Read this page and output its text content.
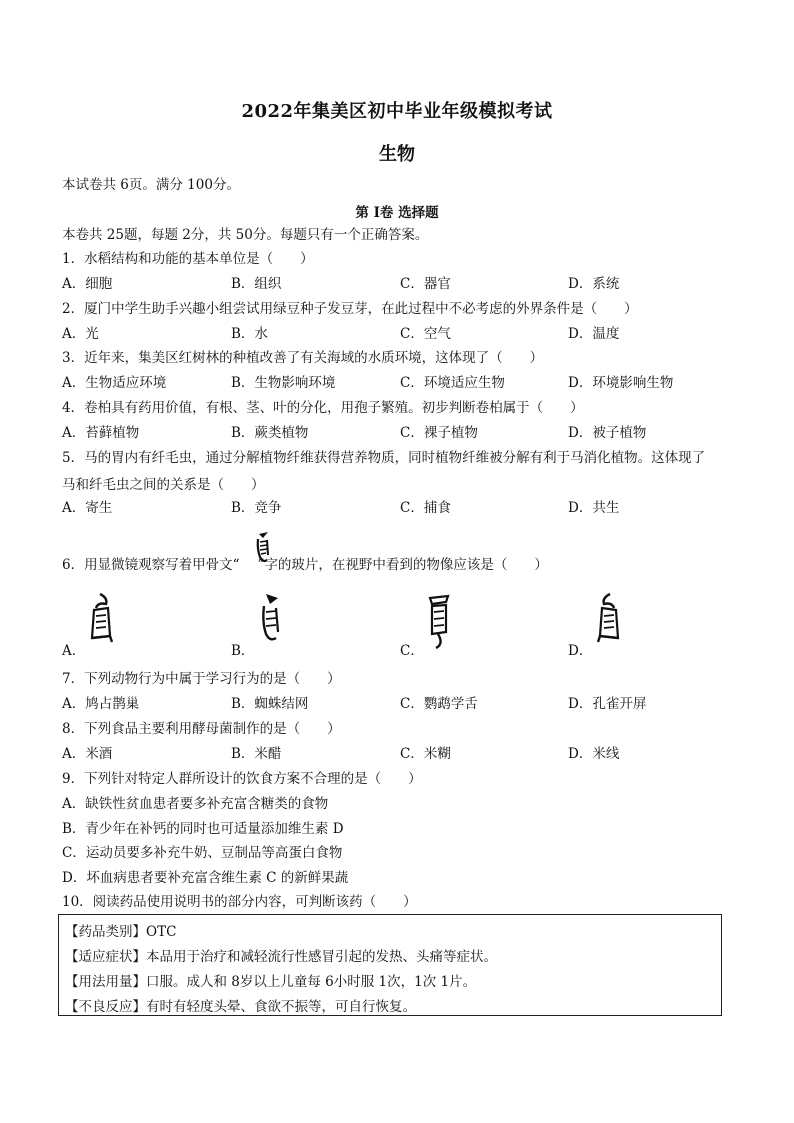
2022年集美区初中毕业年级模拟考试
生物
本试卷共 6页。满分 100分。
第 I卷 选择题
本卷共 25题，每题 2分，共 50分。每题只有一个正确答案。
1．水稻结构和功能的基本单位是（　　）
A．细胞	B．组织	C．器官	D．系统
2．厦门中学生助手兴趣小组尝试用绿豆种子发豆芽，在此过程中不必考虑的外界条件是（　　）
A．光	B．水	C．空气	D．温度
3．近年来，集美区红树林的种植改善了有关海域的水质环境，这体现了（　　）
A．生物适应环境	B．生物影响环境	C．环境适应生物	D．环境影响生物
4．卷柏具有药用价值，有根、茎、叶的分化，用孢子繁殖。初步判断卷柏属于（　　）
A．苔藓植物	B．蕨类植物	C．裸子植物	D．被子植物
5．马的胃内有纤毛虫，通过分解植物纤维获得营养物质，同时植物纤维被分解有利于马消化植物。这体现了
马和纤毛虫之间的关系是（　　）
A．寄生	B．竞争	C．捕食	D．共生
6．用显微镜观察写着甲骨文“ ”字的玻片，在视野中看到的物像应该是（　　）
A．	B．	C．	D．
7．下列动物行为中属于学习行为的是（　　）
A．鸠占鹊巢	B．蜘蛛结网	C．鹦鹉学舌	D．孔雀开屏
8．下列食品主要利用酵母菌制作的是（　　）
A．米酒	B．米醋	C．米糊	D．米线
9．下列针对特定人群所设计的饮食方案不合理的是（　　）
A．缺铁性贫血患者要多补充富含糖类的食物
B．青少年在补钙的同时也可适量添加维生素 D
C．运动员要多补充牛奶、豆制品等高蛋白食物
D．坏血病患者要补充富含维生素 C 的新鲜果蔬
10．阅读药品使用说明书的部分内容，可判断该药（　　）
【药品类别】OTC
【适应症状】本品用于治疗和减轻流行性感冒引起的发热、头痛等症状。
【用法用量】口服。成人和 8岁以上儿童每 6小时服 1次，1次 1片。
【不良反应】有时有轻度头晕、食欲不振等，可自行恢复。
